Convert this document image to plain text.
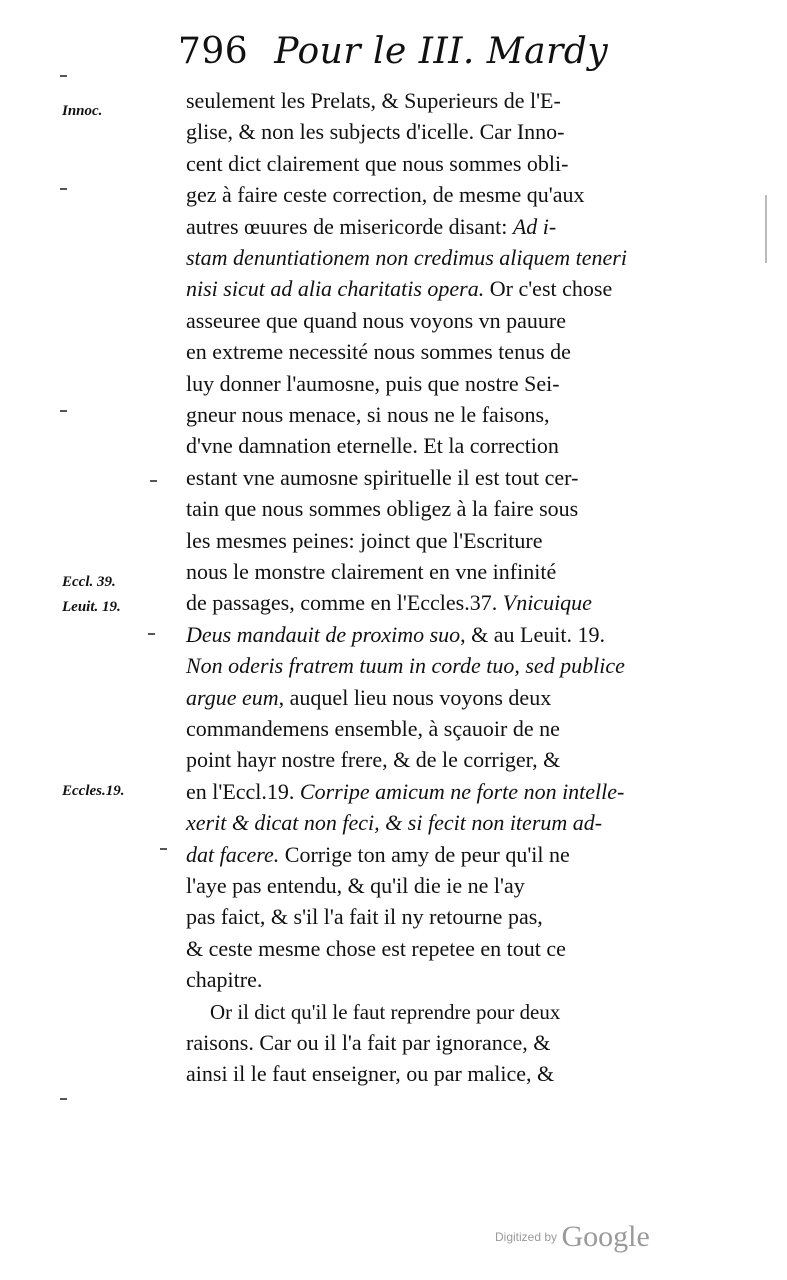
796 Pour le III. Mardy
Innoc.
Eccl. 39.
Leuit. 19.
Eccles.19.
seulement les Prelats, & Superieurs de l'E-
glise, & non les subjects d'icelle. Car Inno-
cent dict clairement que nous sommes obli-
gez à faire ceste correction, de mesme qu'aux
autres œuures de misericorde disant: Ad i-
stam denuntiationem non credimus aliquem teneri
nisi sicut ad alia charitatis opera. Or c'est chose
asseuree que quand nous voyons vn pauure
en extreme necessité nous sommes tenus de
luy donner l'aumosne, puis que nostre Sei-
gneur nous menace, si nous ne le faisons,
d'vne damnation eternelle. Et la correction
estant vne aumosne spirituelle il est tout cer-
tain que nous sommes obligez à la faire sous
les mesmes peines: joinct que l'Escriture
nous le monstre clairement en vne infinité
de passages, comme en l'Eccles.37. Vnicuique
Deus mandauit de proximo suo, & au Leuit. 19.
Non oderis fratrem tuum in corde tuo, sed publice
argue eum, auquel lieu nous voyons deux
commandemens ensemble, à sçauoir de ne
point hayr nostre frere, & de le corriger, &
en l'Eccl.19. Corripe amicum ne forte non intelle-
xerit & dicat non feci, & si fecit non iterum ad-
dat facere. Corrige ton amy de peur qu'il ne
l'aye pas entendu, & qu'il die ie ne l'ay
pas faict, & s'il l'a fait il ny retourne pas,
& ceste mesme chose est repetee en tout ce
chapitre.
Or il dict qu'il le faut reprendre pour deux
raisons. Car ou il l'a fait par ignorance, &
ainsi il le faut enseigner, ou par malice, &
Digitized by Google
